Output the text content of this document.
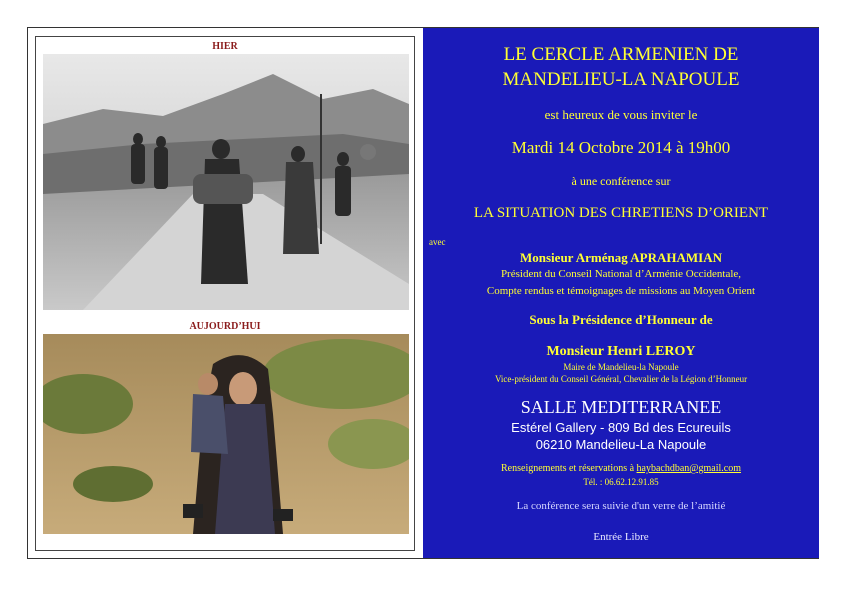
HIER
AUJOURD’HUI
LE CERCLE ARMENIEN DE
MANDELIEU-LA NAPOULE
est heureux de vous inviter le
Mardi 14 Octobre 2014 à 19h00
à une conférence sur
LA SITUATION DES CHRETIENS D’ORIENT
avec
Monsieur Arménag APRAHAMIAN
Président du Conseil National d’Arménie Occidentale,
Compte rendus et témoignages de missions au Moyen Orient
Sous la Présidence d’Honneur de
Monsieur Henri LEROY
Maire de Mandelieu-la Napoule
Vice-président du Conseil Général, Chevalier de la Légion d’Honneur
SALLE MEDITERRANEE
Estérel Gallery - 809 Bd des Ecureuils
06210 Mandelieu-La Napoule
Renseignements et réservations à haybachdban@gmail.com
Tél. : 06.62.12.91.85
La conférence sera suivie d'un verre de l’amitié
Entrée Libre
